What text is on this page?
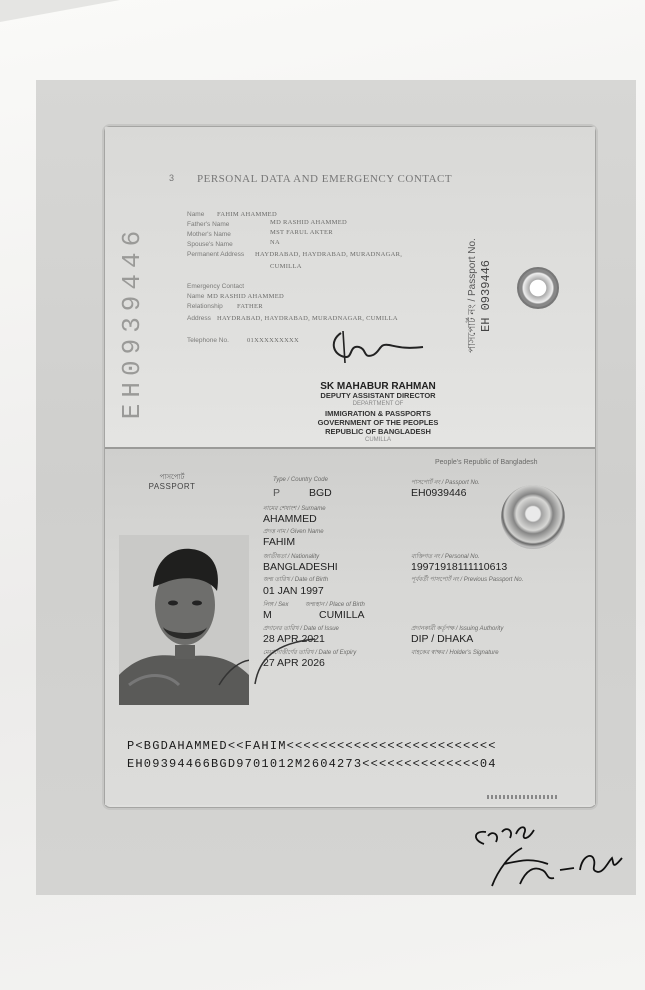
EH0939446
3 PERSONAL DATA AND EMERGENCY CONTACT
Name FAHIM AHAMMED
Father's Name	MD RASHID AHAMMED
Mother's Name	MST FARUL AKTER
Spouse's Name	NA
Permanent Address HAYDRABAD, HAYDRABAD, MURADNAGAR,
CUMILLA
Emergency Contact
Name MD RASHID AHAMMED
Relationship FATHER
Address HAYDRABAD, HAYDRABAD, MURADNAGAR, CUMILLA
Telephone No.	01XXXXXXXXX	পাসপোর্ট নং / Passport No. EH 0939446
SK MAHABUR RAHMAN
DEPUTY ASSISTANT DIRECTOR
DEPARTMENT OF
IMMIGRATION & PASSPORTS
GOVERNMENT OF THE PEOPLES
REPUBLIC OF BANGLADESH
CUMILLA
People's Republic of Bangladesh
পাসপোর্ট
PASSPORT
Type / Country Code
P	BGD
পাসপোর্ট নং / Passport No.
EH0939446
নামের শেষাংশ / Surname
AHAMMED
প্রদত্ত নাম / Given Name
FAHIM
জাতীয়তা / Nationality
BANGLADESHI
ব্যক্তিগত নং / Personal No.
19971918111110613
জন্ম তারিখ / Date of Birth	পূর্ববর্তী পাসপোর্ট নং / Previous Passport No.
01 JAN 1997
লিঙ্গ / Sex	জন্মস্থান / Place of Birth
M	CUMILLA
প্রদানের তারিখ / Date of Issue	প্রদানকারী কর্তৃপক্ষ / Issuing Authority
28 APR 2021	DIP / DHAKA
মেয়াদোত্তীর্ণের তারিখ / Date of Expiry	বাহকের স্বাক্ষর / Holder's Signature
27 APR 2026
P<BGDAHAMMED<<FAHIM<<<<<<<<<<<<<<<<<<<<<<<<<
EH09394466BGD9701012M2604273<<<<<<<<<<<<<<04
